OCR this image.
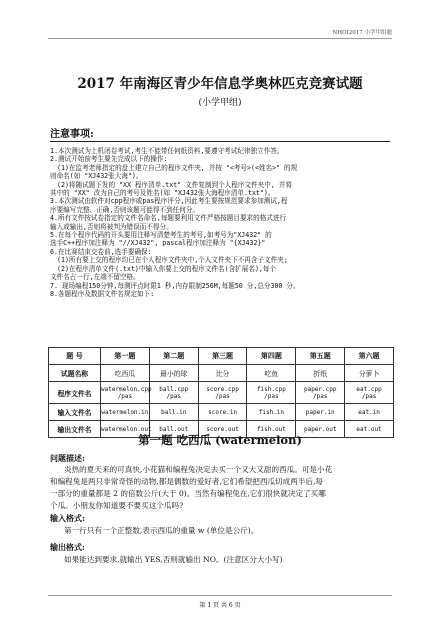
NHOI2017 小学甲组题
2017 年南海区青少年信息学奥林匹克竞赛试题
(小学甲组)
注意事项:
1.本次测试为上机闭卷考试,考生不能带任何纸资料,要遵守考试纪律独立作答。
2.测试开始前考生要先完成以下的操作:
(1)在监考老师指定的盘上建立自己的程序文件夹, 并按 "<考号>(<姓名>" 的规
则命名(如 "XJ432张大海")。
(2)将随试题下发的 "XX 程序清单.txt" 文件复制到个人程序文件夹中, 并将
其中的 "XX" 改为自己的考号及姓名(如 "XJ432张大海程序清单.txt")。
3.本次测试由软件对cpp程序或pas程序评分,因此考生要按规范要求参加测试,程
序要编写完整、正确,否则该题可能得不到任何分。
4.所有文件按试卷指定的文件名命名,每题要利用文件严格按题目要求的格式进行
输入或输出,否则将被判为错误而不得分。
5.在每个程序代码的开头要用注释写清楚考生的考号,如考号为"XJ432" 的
选手C++程序加注释为 "//XJ432", pascal程序加注释为 "{XJ432}"
6.在比赛结束交卷前,选手要确保:
(1)所有要上交的程序均已在个人程序文件夹中,个人文件夹下不再含子文件夹;
(2)在程序清单文件(.txt)中输入你要上交的程序文件名(含扩展名),每个
文件名占一行,左端不留空格。
7. 现场编程150分钟,每测评点时限1 秒,内存限制256M,每题50 分,总分300 分。
8.各题程序及数据文件名规定如下:
题 号	第一题	第二题	第三题	第四题	第五题	第六题
试题名称	吃西瓜	最小的球	比分	吃鱼	折纸	分萝卜
程序文件名	watermelon.cpp
/pas	ball.cpp
/pas	score.cpp
/pas	fish.cpp
/pas	paper.cpp
/pas	eat.cpp
/pas
输入文件名	watermelon.in	ball.in	score.in	fish.in	paper.in	eat.in
输出文件名	watermelon.out	ball.out	score.out	fish.out	paper.out	eat.out
第一题 吃西瓜 (watermelon)
问题描述:
炎热的夏天来的可真快,小花猫和编程兔决定去买一个又大又甜的西瓜。可是小花
和编程兔是两只非常奇怪的动物,都是偶数的爱好者,它们希望把西瓜切成两半后,每
一部分的重量都是 2 的倍数公斤(大于 0)。当然有编程兔在,它们很快就决定了买哪
个瓜。小朋友你知道要不要买这个瓜吗?
输入格式:
第一行只有一个正整数,表示西瓜的重量 w (单位是公斤)。
输出格式:
如果能达到要求,就输出 YES,否则就输出 NO。(注意区分大小写)
第 1 页 共 6 页
